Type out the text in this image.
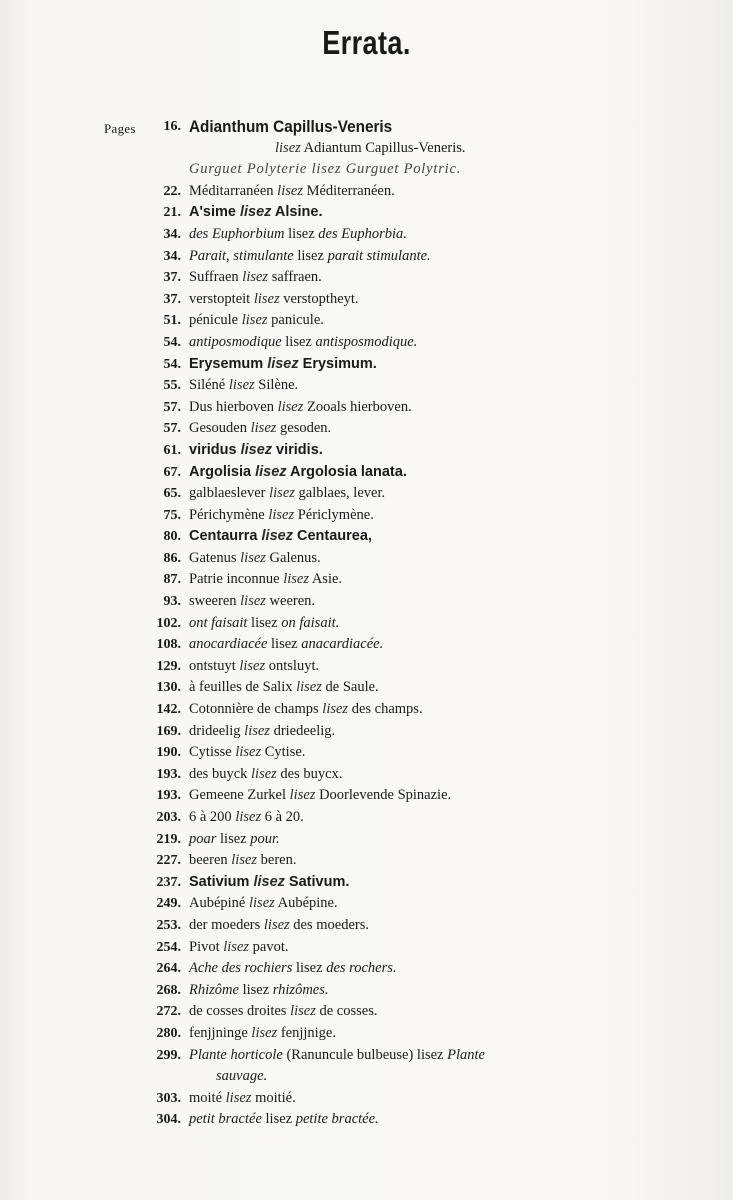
Errata.
Pages 16. Adianthum Capillus-Veneris
lisez Adiantum Capillus-Veneris.
Gurguet Polyterie lisez Gurguet Polytric.
22. Méditarranéen lisez Méditerranéen.
21. A'sime lisez Alsine.
34. des Euphorbium lisez des Euphorbia.
34. Parait, stimulante lisez parait stimulante.
37. Suffraen lisez saffraen.
37. verstopteit lisez verstoptheyt.
51. pénicule lisez panicule.
54. antiposmodique lisez antisposmodique.
54. Erysemum lisez Erysimum.
55. Siléné lisez Silène.
57. Dus hierboven lisez Zooals hierboven.
57. Gesouden lisez gesoden.
61. viridus lisez viridis.
67. Argolisia lisez Argolosia lanata.
65. galblaeslever lisez galblaes, lever.
75. Périchymène lisez Périclymène.
80. Centaurra lisez Centaurea,
86. Gatenus lisez Galenus.
87. Patrie inconnue lisez Asie.
93. sweeren lisez weeren.
102. ont faisait lisez on faisait.
108. anocardiacée lisez anacardiacée.
129. ontstuyt lisez ontsluyt.
130. à feuilles de Salix lisez de Saule.
142. Cotonnière de champs lisez des champs.
169. drideelig lisez driedeelig.
190. Cytisse lisez Cytise.
193. des buyck lisez des buycx.
193. Gemeene Zurkel lisez Doorlevende Spinazie.
203. 6 à 200 lisez 6 à 20.
219. poar lisez pour.
227. beeren lisez beren.
237. Sativium lisez Sativum.
249. Aubépiné lisez Aubépine.
253. der moeders lisez des moeders.
254. Pivot lisez pavot.
264. Ache des rochiers lisez des rochers.
268. Rhizôme lisez rhizômes.
272. de cosses droites lisez de cosses.
280. fenjjninge lisez fenjjnige.
299. Plante horticole (Ranuncule bulbeuse) lisez Plante
sauvage.
303. moité lisez moitié.
304. petit bractée lisez petite bractée.
